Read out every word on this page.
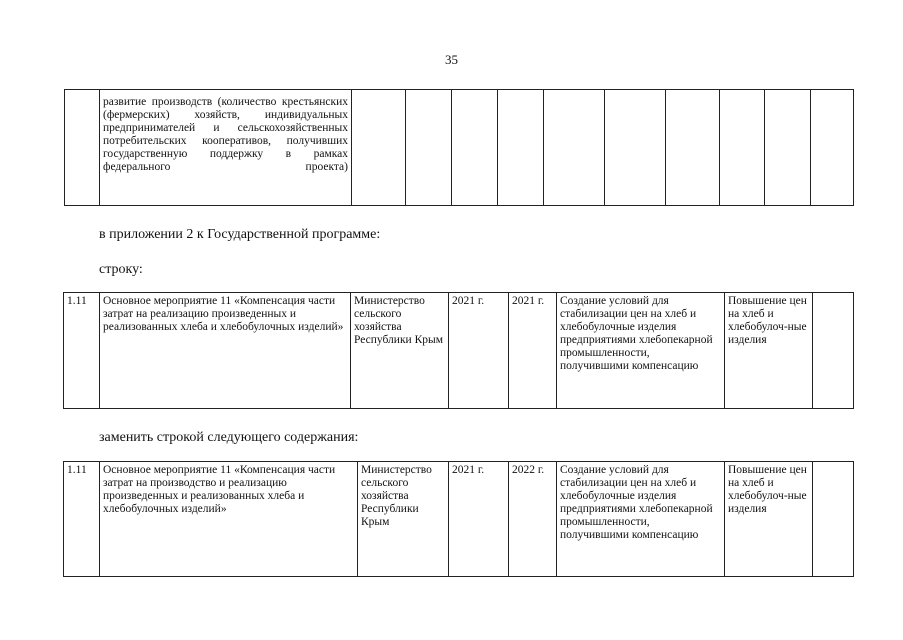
35
	развитие производств (количество крестьянских (фермерских) хозяйств, индивидуальных предпринимателей и сельскохозяйственных потребительских кооперативов, получивших государственную поддержку в рамках федерального проекта)										
в приложении 2 к Государственной программе:
строку:
1.11	Основное мероприятие 11 «Компенсация части затрат на реализацию произведенных и реализованных хлеба и хлебобулочных изделий»	Министерство сельского хозяйства Республики Крым	2021 г.	2021 г.	Создание условий для стабилизации цен на хлеб и хлебобулочные изделия предприятиями хлебопекарной промышленности, получившими компенсацию	Повышение цен на хлеб и хлебобулоч-ные изделия	
заменить строкой следующего содержания:
1.11	Основное мероприятие 11 «Компенсация части затрат на производство и реализацию произведенных и реализованных хлеба и хлебобулочных изделий»	Министерство сельского хозяйства Республики Крым	2021 г.	2022 г.	Создание условий для стабилизации цен на хлеб и хлебобулочные изделия предприятиями хлебопекарной промышленности, получившими компенсацию	Повышение цен на хлеб и хлебобулоч-ные изделия	
